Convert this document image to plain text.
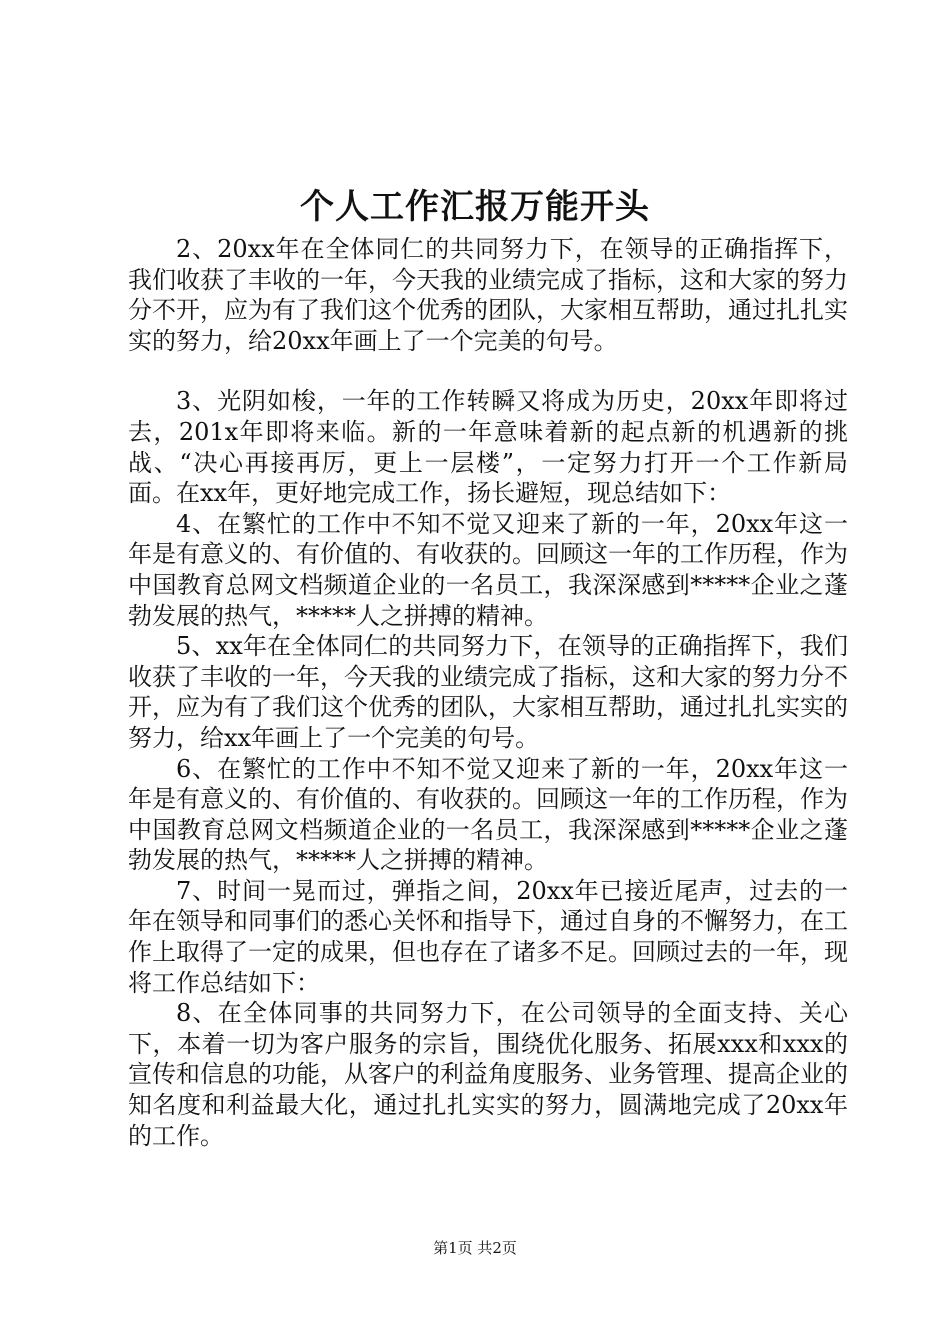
个人工作汇报万能开头

2、20xx年在全体同仁的共同努力下，在领导的正确指挥下，我们收获了丰收的一年，今天我的业绩完成了指标，这和大家的努力分不开，应为有了我们这个优秀的团队，大家相互帮助，通过扎扎实实的努力，给20xx年画上了一个完美的句号。

3、光阴如梭，一年的工作转瞬又将成为历史，20xx年即将过去，201x年即将来临。新的一年意味着新的起点新的机遇新的挑战、“决心再接再厉，更上一层楼”，一定努力打开一个工作新局面。在xx年，更好地完成工作，扬长避短，现总结如下：

4、在繁忙的工作中不知不觉又迎来了新的一年，20xx年这一年是有意义的、有价值的、有收获的。回顾这一年的工作历程，作为中国教育总网文档频道企业的一名员工，我深深感到*****企业之蓬勃发展的热气，*****人之拼搏的精神。

5、xx年在全体同仁的共同努力下，在领导的正确指挥下，我们收获了丰收的一年，今天我的业绩完成了指标，这和大家的努力分不开，应为有了我们这个优秀的团队，大家相互帮助，通过扎扎实实的努力，给xx年画上了一个完美的句号。

6、在繁忙的工作中不知不觉又迎来了新的一年，20xx年这一年是有意义的、有价值的、有收获的。回顾这一年的工作历程，作为中国教育总网文档频道企业的一名员工，我深深感到*****企业之蓬勃发展的热气，*****人之拼搏的精神。

7、时间一晃而过，弹指之间，20xx年已接近尾声，过去的一年在领导和同事们的悉心关怀和指导下，通过自身的不懈努力，在工作上取得了一定的成果，但也存在了诸多不足。回顾过去的一年，现将工作总结如下：

8、在全体同事的共同努力下，在公司领导的全面支持、关心下，本着一切为客户服务的宗旨，围绕优化服务、拓展xxx和xxx的宣传和信息的功能，从客户的利益角度服务、业务管理、提高企业的知名度和利益最大化，通过扎扎实实的努力，圆满地完成了20xx年的工作。

第1页 共2页
